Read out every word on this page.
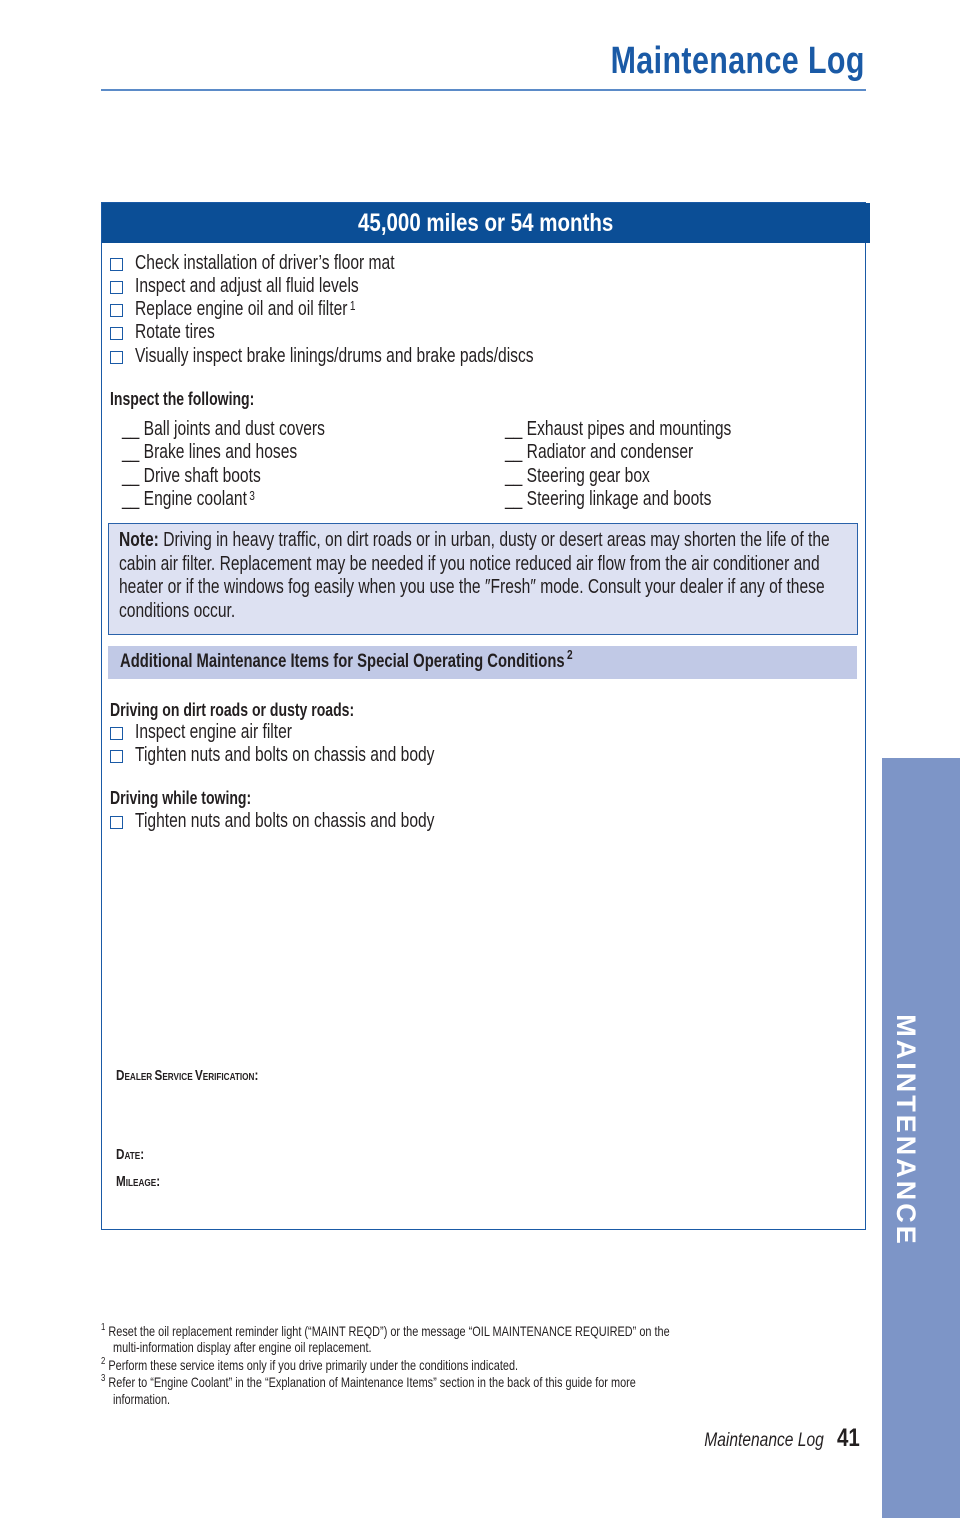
Maintenance Log
MAINTENANCE
45,000 miles or 54 months
Check installation of driver’s floor mat
Inspect and adjust all fluid levels
Replace engine oil and oil filter $^1$
Rotate tires
Visually inspect brake linings/drums and brake pads/discs
Inspect the following:
__ Ball joints and dust covers
__ Brake lines and hoses
__ Drive shaft boots
__ Engine coolant $^3$
__ Exhaust pipes and mountings
__ Radiator and condenser
__ Steering gear box
__ Steering linkage and boots
Note: Driving in heavy traffic, on dirt roads or in urban, dusty or desert areas may shorten the life of the cabin air filter. Replacement may be needed if you notice reduced air flow from the air conditioner and heater or if the windows fog easily when you use the ″Fresh″ mode. Consult your dealer if any of these conditions occur.
Additional Maintenance Items for Special Operating Conditions $^2$
Driving on dirt roads or dusty roads:
Inspect engine air filter
Tighten nuts and bolts on chassis and body
Driving while towing:
Tighten nuts and bolts on chassis and body
DEALER SERVICE VERIFICATION:
DATE:
MILEAGE:
$^1$ Reset the oil replacement reminder light (“MAINT REQD”) or the message “OIL MAINTENANCE REQUIRED” on the
multi-information display after engine oil replacement.
$^2$ Perform these service items only if you drive primarily under the conditions indicated.
$^3$ Refer to “Engine Coolant” in the “Explanation of Maintenance Items” section in the back of this guide for more
information.
Maintenance Log 41
